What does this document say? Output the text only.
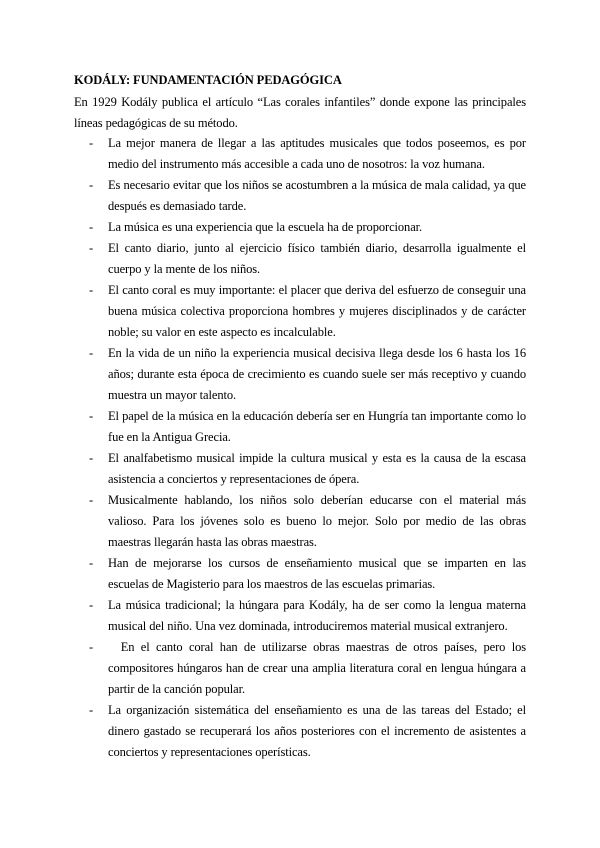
KODÁLY: FUNDAMENTACIÓN PEDAGÓGICA
En 1929 Kodály publica el artículo “Las corales infantiles” donde expone las principales líneas pedagógicas de su método.
- La mejor manera de llegar a las aptitudes musicales que todos poseemos, es por medio del instrumento más accesible a cada uno de nosotros: la voz humana.
- Es necesario evitar que los niños se acostumbren a la música de mala calidad, ya que después es demasiado tarde.
- La música es una experiencia que la escuela ha de proporcionar.
- El canto diario, junto al ejercicio físico también diario, desarrolla igualmente el cuerpo y la mente de los niños.
- El canto coral es muy importante: el placer que deriva del esfuerzo de conseguir una buena música colectiva proporciona hombres y mujeres disciplinados y de carácter noble; su valor en este aspecto es incalculable.
- En la vida de un niño la experiencia musical decisiva llega desde los 6 hasta los 16 años; durante esta época de crecimiento es cuando suele ser más receptivo y cuando muestra un mayor talento.
- El papel de la música en la educación debería ser en Hungría tan importante como lo fue en la Antigua Grecia.
- El analfabetismo musical impide la cultura musical y esta es la causa de la escasa asistencia a conciertos y representaciones de ópera.
- Musicalmente hablando, los niños solo deberían educarse con el material más valioso. Para los jóvenes solo es bueno lo mejor. Solo por medio de las obras maestras llegarán hasta las obras maestras.
- Han de mejorarse los cursos de enseñamiento musical que se imparten en las escuelas de Magisterio para los maestros de las escuelas primarias.
- La música tradicional; la húngara para Kodály, ha de ser como la lengua materna musical del niño. Una vez dominada, introduciremos material musical extranjero.
- En el canto coral han de utilizarse obras maestras de otros países, pero los compositores húngaros han de crear una amplia literatura coral en lengua húngara a partir de la canción popular.
- La organización sistemática del enseñamiento es una de las tareas del Estado; el dinero gastado se recuperará los años posteriores con el incremento de asistentes a conciertos y representaciones operísticas.
